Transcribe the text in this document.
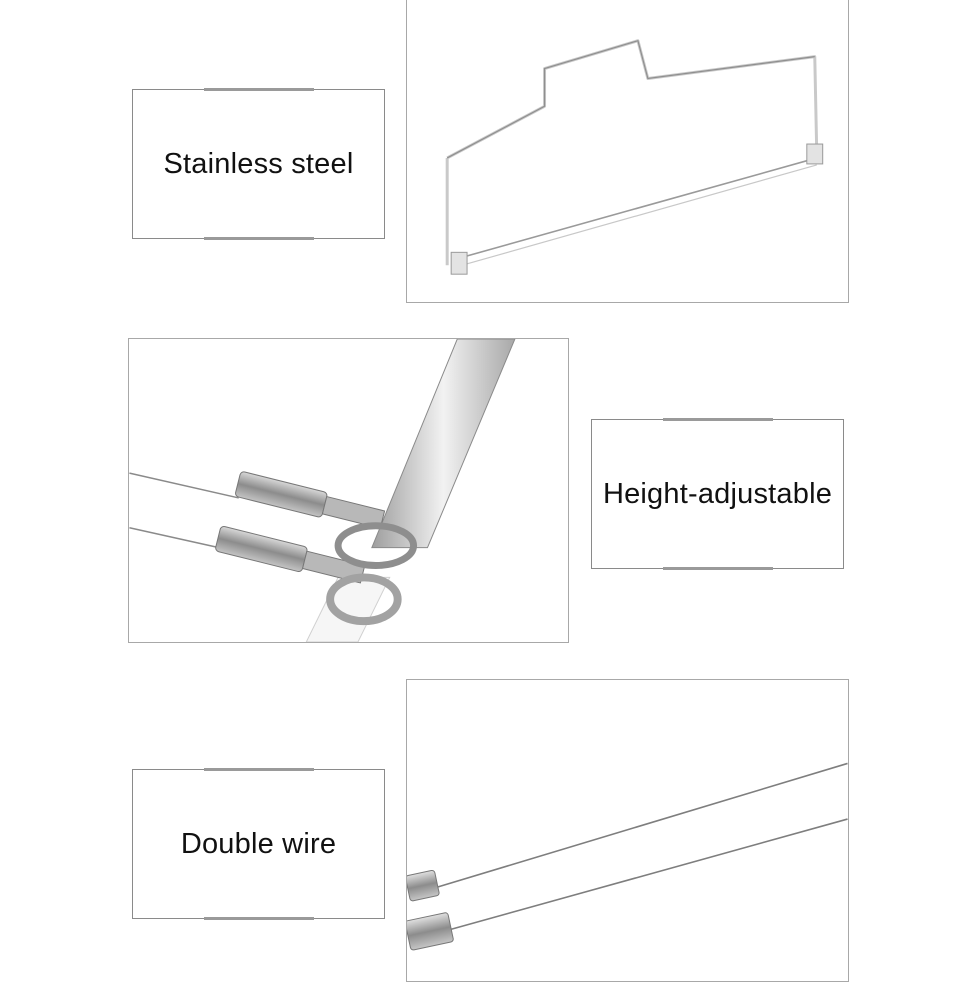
Stainless steel
Height-adjustable
Double wire
